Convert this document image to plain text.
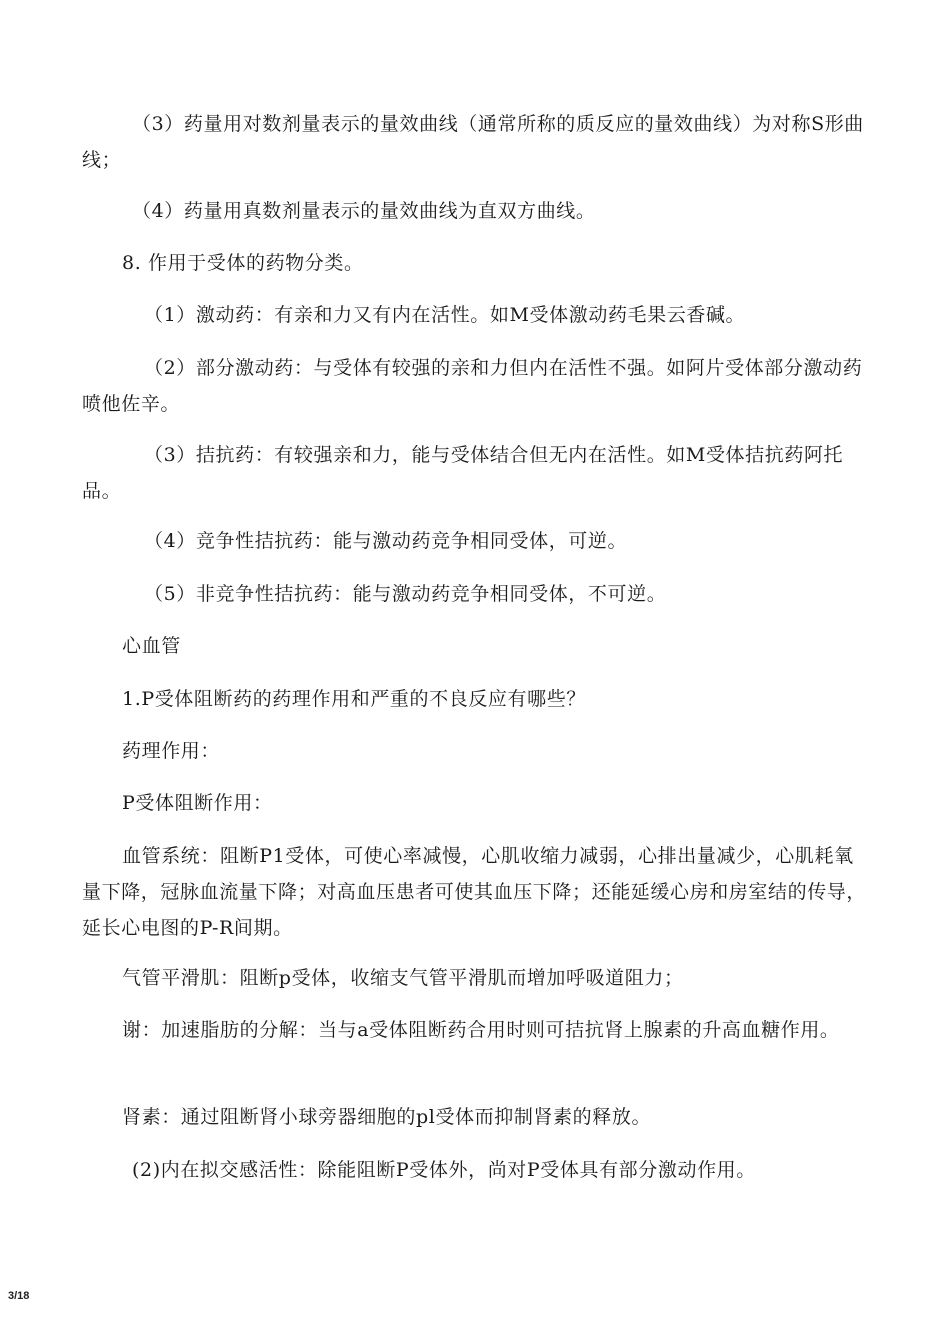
（3）药量用对数剂量表示的量效曲线（通常所称的质反应的量效曲线）为对称S形曲线；

（4）药量用真数剂量表示的量效曲线为直双方曲线。

8. 作用于受体的药物分类。

（1）激动药：有亲和力又有内在活性。如M受体激动药毛果云香碱。

（2）部分激动药：与受体有较强的亲和力但内在活性不强。如阿片受体部分激动药喷他佐辛。

（3）拮抗药：有较强亲和力，能与受体结合但无内在活性。如M受体拮抗药阿托品。

（4）竞争性拮抗药：能与激动药竞争相同受体，可逆。

（5）非竞争性拮抗药：能与激动药竞争相同受体，不可逆。

心血管

1.P受体阻断药的药理作用和严重的不良反应有哪些？

药理作用：

P受体阻断作用：

血管系统：阻断P1受体，可使心率减慢，心肌收缩力减弱，心排出量减少，心肌耗氧量下降，冠脉血流量下降；对高血压患者可使其血压下降；还能延缓心房和房室结的传导，延长心电图的P-R间期。

气管平滑肌：阻断p受体，收缩支气管平滑肌而增加呼吸道阻力；

谢：加速脂肪的分解：当与a受体阻断药合用时则可拮抗肾上腺素的升高血糖作用。

肾素：通过阻断肾小球旁器细胞的pl受体而抑制肾素的释放。

(2)内在拟交感活性：除能阻断P受体外，尚对P受体具有部分激动作用。

3/18
